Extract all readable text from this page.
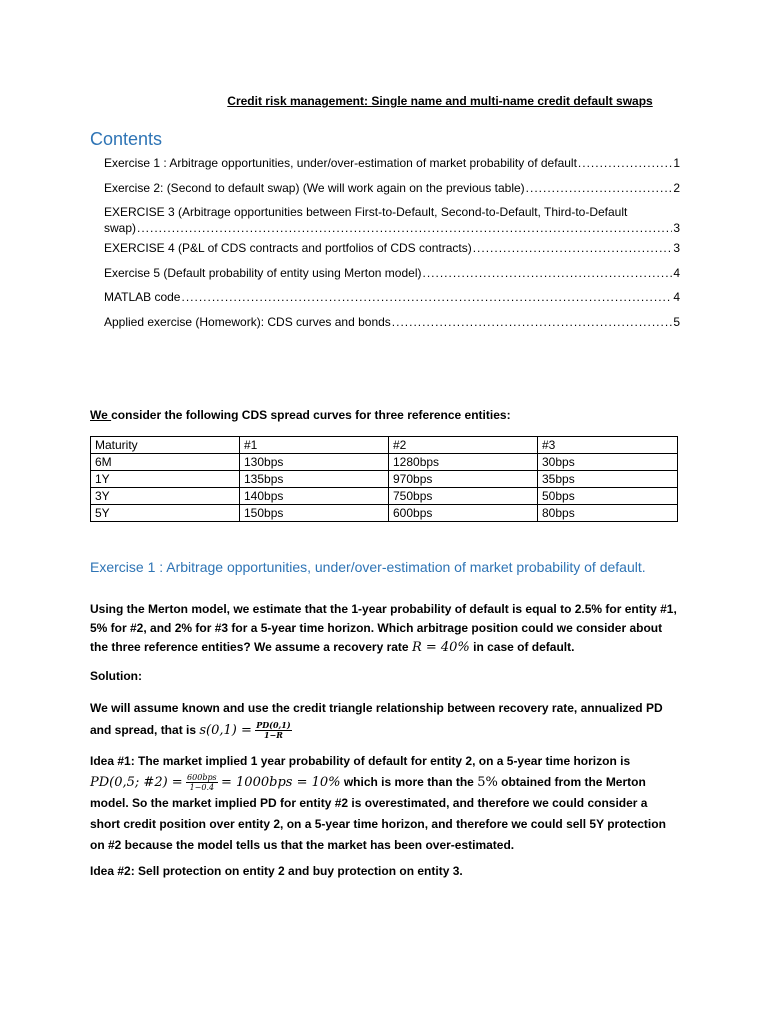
Credit risk management: Single name and multi-name credit default swaps
Contents
Exercise 1 : Arbitrage opportunities, under/over-estimation of market probability of default .....	1
Exercise 2: (Second to default swap) (We will work again on the previous table) .....	2
EXERCISE 3 (Arbitrage opportunities between First-to-Default, Second-to-Default, Third-to-Default
swap) .....	3
EXERCISE 4 (P&L of CDS contracts and portfolios of CDS contracts) .....	3
Exercise 5 (Default probability of entity using Merton model) .....	4
MATLAB code .....	4
Applied exercise (Homework): CDS curves and bonds .....	5
We consider the following CDS spread curves for three reference entities:
Maturity	#1	#2	#3
6M	130bps	1280bps	30bps
1Y	135bps	970bps	35bps
3Y	140bps	750bps	50bps
5Y	150bps	600bps	80bps
Exercise 1 : Arbitrage opportunities, under/over-estimation of market probability of default.
Using the Merton model, we estimate that the 1-year probability of default is equal to 2.5% for entity #1, 5% for #2, and 2% for #3 for a 5-year time horizon. Which arbitrage position could we consider about the three reference entities? We assume a recovery rate R = 40% in case of default.
Solution:
We will assume known and use the credit triangle relationship between recovery rate, annualized PD and spread, that is $s(0,1) = \frac{PD(0,1)}{1-R}$
Idea #1: The market implied 1 year probability of default for entity 2, on a 5-year time horizon is
PD(0,5; #2) = $\frac{\text{600bps}}{1-0.4} = 1000bps = 10\%$ which is more than the 5% obtained from the Merton model. So the market implied PD for entity #2 is overestimated, and therefore we could consider a short credit position over entity 2, on a 5-year time horizon, and therefore we could sell 5Y protection on #2 because the model tells us that the market has been over-estimated.
Idea #2: Sell protection on entity 2 and buy protection on entity 3.
